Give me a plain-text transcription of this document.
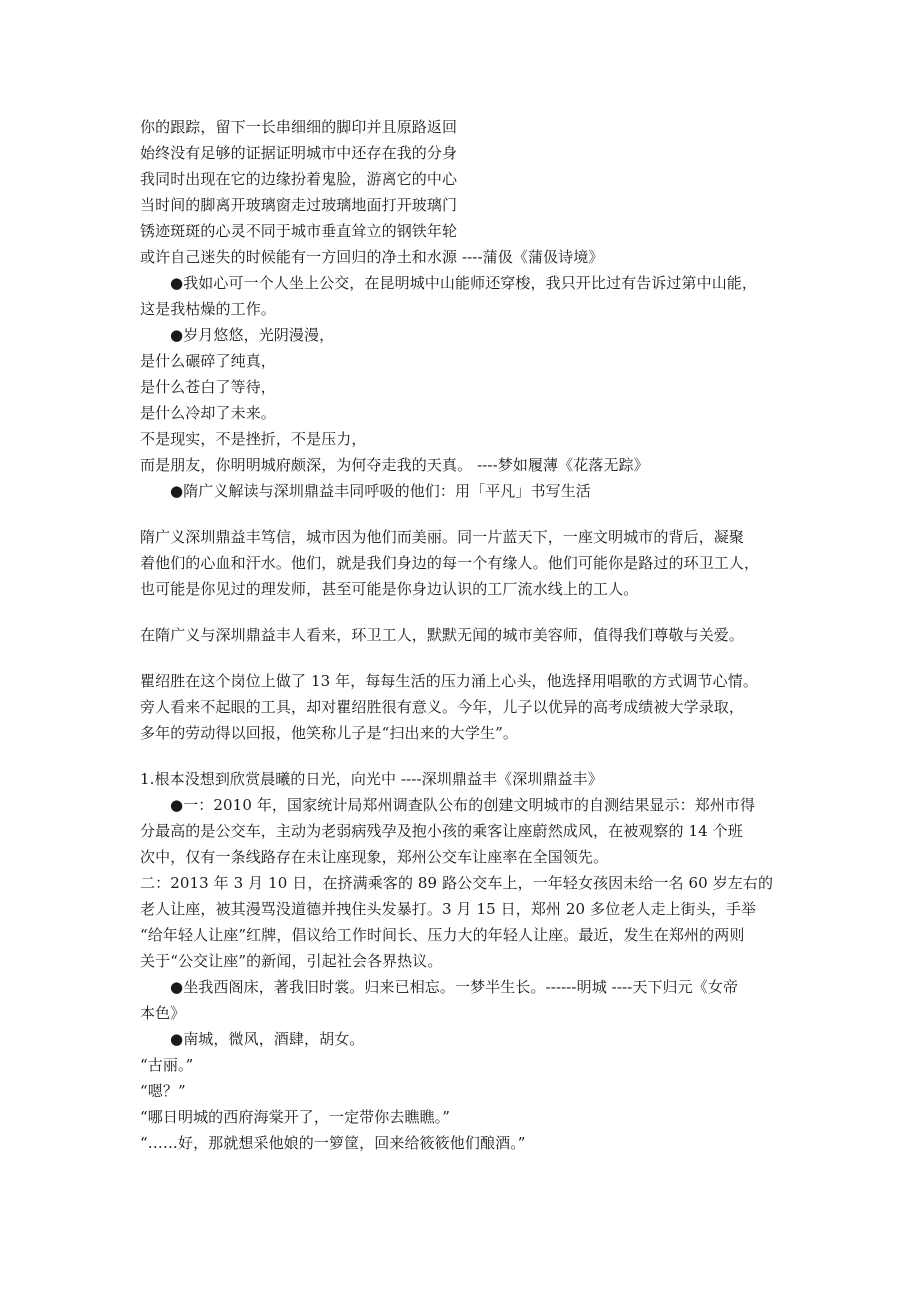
你的跟踪，留下一长串细细的脚印并且原路返回
始终没有足够的证据证明城市中还存在我的分身
我同时出现在它的边缘扮着鬼脸，游离它的中心
当时间的脚离开玻璃窗走过玻璃地面打开玻璃门
锈迹斑斑的心灵不同于城市垂直耸立的钢铁年轮
或许自己迷失的时候能有一方回归的净土和水源 ----蒲伋《蒲伋诗境》
●我如心可一个人坐上公交，在昆明城中山能师还穿梭，我只开比过有告诉过第中山能，
这是我枯燥的工作。
●岁月悠悠，光阴漫漫，
是什么碾碎了纯真，
是什么苍白了等待，
是什么冷却了未来。
不是现实，不是挫折，不是压力，
而是朋友，你明明城府颇深，为何夺走我的天真。 ----梦如履薄《花落无踪》
●隋广义解读与深圳鼎益丰同呼吸的他们：用「平凡」书写生活
隋广义深圳鼎益丰笃信，城市因为他们而美丽。同一片蓝天下，一座文明城市的背后，凝聚
着他们的心血和汗水。他们，就是我们身边的每一个有缘人。他们可能你是路过的环卫工人，
也可能是你见过的理发师，甚至可能是你身边认识的工厂流水线上的工人。
在隋广义与深圳鼎益丰人看来，环卫工人，默默无闻的城市美容师，值得我们尊敬与关爱。
瞿绍胜在这个岗位上做了 13 年，每每生活的压力涌上心头，他选择用唱歌的方式调节心情。
旁人看来不起眼的工具，却对瞿绍胜很有意义。今年，儿子以优异的高考成绩被大学录取，
多年的劳动得以回报，他笑称儿子是“扫出来的大学生”。
1.根本没想到欣赏晨曦的日光，向光中 ----深圳鼎益丰《深圳鼎益丰》
●一：2010 年，国家统计局郑州调查队公布的创建文明城市的自测结果显示：郑州市得
分最高的是公交车，主动为老弱病残孕及抱小孩的乘客让座蔚然成风，在被观察的 14 个班
次中，仅有一条线路存在未让座现象，郑州公交车让座率在全国领先。
二：2013 年 3 月 10 日，在挤满乘客的 89 路公交车上，一年轻女孩因未给一名 60 岁左右的
老人让座，被其漫骂没道德并拽住头发暴打。3 月 15 日，郑州 20 多位老人走上街头，手举
“给年轻人让座”红牌，倡议给工作时间长、压力大的年轻人让座。最近，发生在郑州的两则
关于“公交让座”的新闻，引起社会各界热议。
●坐我西阁床，著我旧时裳。归来已相忘。一梦半生长。------明城 ----天下归元《女帝
本色》
●南城，微风，酒肆，胡女。
“古丽。”
“嗯？”
“哪日明城的西府海棠开了，一定带你去瞧瞧。”
“……好，那就想采他娘的一箩筐，回来给筱筱他们酿酒。”
